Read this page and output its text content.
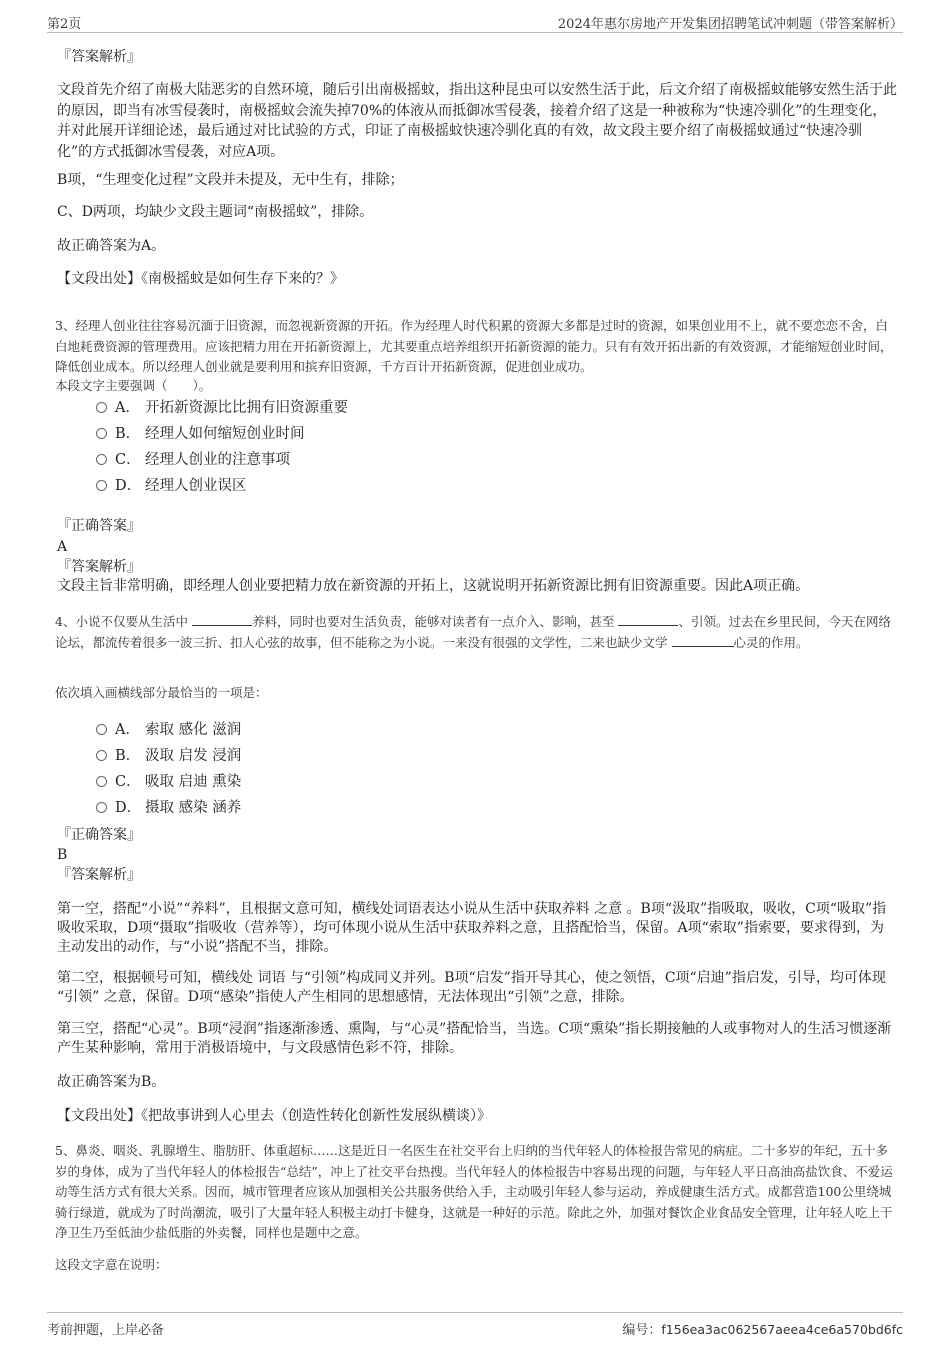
第2页	2024年惠尔房地产开发集团招聘笔试冲刺题（带答案解析）
『答案解析』
文段首先介绍了南极大陆恶劣的自然环境，随后引出南极摇蚊，指出这种昆虫可以安然生活于此，后文介绍了南极摇蚊能够安然生活于此的原因，即当有冰雪侵袭时，南极摇蚊会流失掉70%的体液从而抵御冰雪侵袭，接着介绍了这是一种被称为“快速冷驯化”的生理变化，并对此展开详细论述，最后通过对比试验的方式，印证了南极摇蚊快速冷驯化真的有效，故文段主要介绍了南极摇蚊通过“快速冷驯化”的方式抵御冰雪侵袭，对应A项。
B项，“生理变化过程”文段并未提及，无中生有，排除；
C、D两项，均缺少文段主题词“南极摇蚊”，排除。
故正确答案为A。
【文段出处】《南极摇蚊是如何生存下来的？》
3、经理人创业往往容易沉湎于旧资源，而忽视新资源的开拓。作为经理人时代积累的资源大多都是过时的资源，如果创业用不上，就不要恋恋不舍，白白地耗费资源的管理费用。应该把精力用在开拓新资源上，尤其要重点培养组织开拓新资源的能力。只有有效开拓出新的有效资源，才能缩短创业时间，降低创业成本。所以经理人创业就是要利用和摈弃旧资源，千方百计开拓新资源，促进创业成功。
本段文字主要强调（　　）。
A． 开拓新资源比比拥有旧资源重要
B． 经理人如何缩短创业时间
C． 经理人创业的注意事项
D． 经理人创业误区
『正确答案』
A
『答案解析』
文段主旨非常明确，即经理人创业要把精力放在新资源的开拓上，这就说明开拓新资源比拥有旧资源重要。因此A项正确。
4、小说不仅要从生活中	养料，同时也要对生活负责，能够对读者有一点介入、影响，甚至	、引领。过去在乡里民间，今天在网络论坛，都流传着很多一波三折、扣人心弦的故事，但不能称之为小说。一来没有很强的文学性，二来也缺少文学	心灵的作用。
依次填入画横线部分最恰当的一项是：
A． 索取 感化 滋润
B． 汲取 启发 浸润
C． 吸取 启迪 熏染
D． 摄取 感染 涵养
『正确答案』
B
『答案解析』
第一空，搭配“小说”“养料”，且根据文意可知，横线处词语表达小说从生活中获取养料 之意 。B项“汲取”指吸取，吸收，C项“吸取”指吸收采取，D项“摄取”指吸收（营养等），均可体现小说从生活中获取养料之意，且搭配恰当，保留。A项“索取”指索要，要求得到，为主动发出的动作，与“小说”搭配不当，排除。
第二空，根据顿号可知，横线处 词语 与“引领”构成同义并列。B项“启发”指开导其心，使之领悟，C项“启迪”指启发，引导，均可体现 “引领” 之意，保留。D项“感染”指使人产生相同的思想感情，无法体现出“引领”之意，排除。
第三空，搭配“心灵”。B项“浸润”指逐渐渗透、熏陶，与“心灵”搭配恰当，当选。C项“熏染”指长期接触的人或事物对人的生活习惯逐渐产生某种影响，常用于消极语境中，与文段感情色彩不符，排除。
故正确答案为B。
【文段出处】《把故事讲到人心里去（创造性转化创新性发展纵横谈）》
5、鼻炎、咽炎、乳腺增生、脂肪肝、体重超标……这是近日一名医生在社交平台上归纳的当代年轻人的体检报告常见的病症。二十多岁的年纪，五十多岁的身体，成为了当代年轻人的体检报告“总结”，冲上了社交平台热搜。当代年轻人的体检报告中容易出现的问题，与年轻人平日高油高盐饮食、不爱运动等生活方式有很大关系。因而，城市管理者应该从加强相关公共服务供给入手，主动吸引年轻人参与运动，养成健康生活方式。成都营造100公里绕城骑行绿道，就成为了时尚潮流，吸引了大量年轻人积极主动打卡健身，这就是一种好的示范。除此之外，加强对餐饮企业食品安全管理，让年轻人吃上干净卫生乃至低油少盐低脂的外卖餐，同样也是题中之意。
这段文字意在说明：
考前押题，上岸必备	编号：f156ea3ac062567aeea4ce6a570bd6fc
